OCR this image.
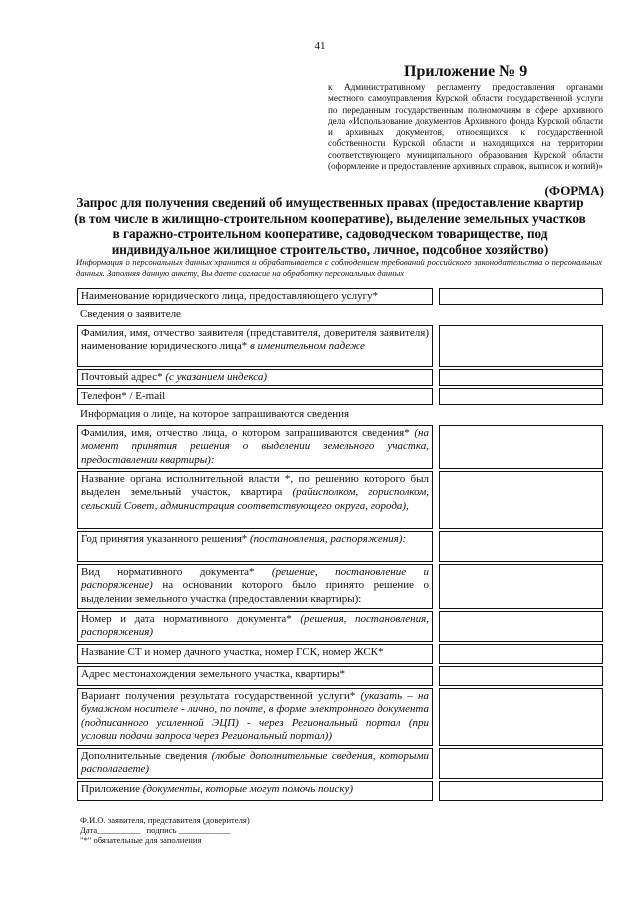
41
Приложение № 9

к Административному регламенту предоставления органами местного самоуправления Курской области государственной услуги по переданным государственным полномочиям в сфере архивного дела «Использование документов Архивного фонда Курской области и архивных документов, относящихся к государственной собственности Курской области и находящихся на территории соответствующего муниципального образования Курской области (оформление и предоставление архивных справок, выписок и копий)»

(ФОРМА)

Запрос для получения сведений об имущественных правах (предоставление квартир (в том числе в жилищно-строительном кооперативе), выделение земельных участков в гаражно-строительном кооперативе, садоводческом товариществе, под индивидуальное жилищное строительство, личное, подсобное хозяйство)

Информация о персональных данных хранится и обрабатывается с соблюдением требований российского законодательства о персональных данных. Заполняя данную анкету, Вы даете согласие на обработку персональных данных

Наименование юридического лица, предоставляющего услугу*
Сведения о заявителе
Фамилия, имя, отчество заявителя (представителя, доверителя заявителя) наименование юридического лица* в именительном падеже
Почтовый адрес* (с указанием индекса)
Телефон* / E-mail
Информация о лице, на которое запрашиваются сведения
Фамилия, имя, отчество лица, о котором запрашиваются сведения* (на момент принятия решения о выделении земельного участка, предоставлении квартиры):
Название органа исполнительной власти *, по решению которого был выделен земельный участок, квартира (райисполком, горисполком, сельский Совет, администрация соответствующего округа, города),
Год принятия указанного решения* (постановления, распоряжения):
Вид нормативного документа* (решение, постановление и распоряжение) на основании которого было принято решение о выделении земельного участка (предоставлении квартиры):
Номер и дата нормативного документа* (решения, постановления, распоряжения)
Название СТ и номер дачного участка, номер ГСК, номер ЖСК*
Адрес местонахождения земельного участка, квартиры*
Вариант получения результата государственной услуги* (указать – на бумажном носителе - лично, по почте, в форме электронного документа (подписанного усиленной ЭЦП) - через Региональный портал (при условии подачи запроса через Региональный портал))
Дополнительные сведения (любые дополнительные сведения, которыми располагаете)
Приложение (документы, которые могут помочь поиску)
Ф.И.О. заявителя, представителя (доверителя)
Дата__________ подпись ____________
"*" обязательные для заполнения
